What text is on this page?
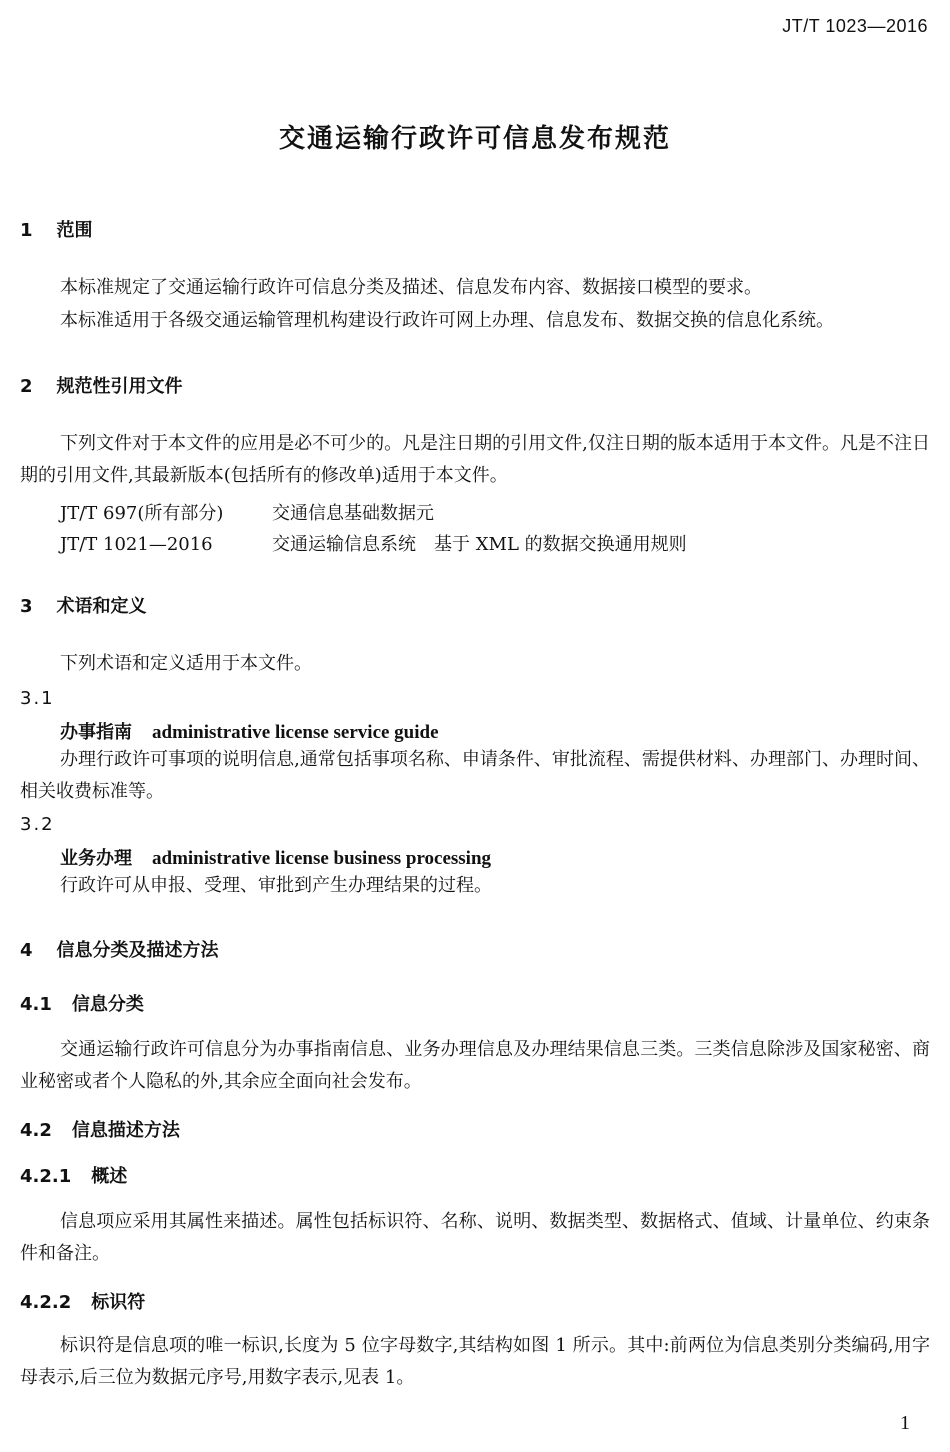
JT/T 1023—2016
交通运输行政许可信息发布规范
1 范围

本标准规定了交通运输行政许可信息分类及描述、信息发布内容、数据接口模型的要求。

本标准适用于各级交通运输管理机构建设行政许可网上办理、信息发布、数据交换的信息化系统。

2 规范性引用文件

下列文件对于本文件的应用是必不可少的。凡是注日期的引用文件,仅注日期的版本适用于本文件。凡是不注日期的引用文件,其最新版本(包括所有的修改单)适用于本文件。

JT/T 697(所有部分)	交通信息基础数据元
JT/T 1021—2016	交通运输信息系统　基于 XML 的数据交换通用规则
3 术语和定义

下列术语和定义适用于本文件。

3.1
办事指南 administrative license service guide

办理行政许可事项的说明信息,通常包括事项名称、申请条件、审批流程、需提供材料、办理部门、办理时间、相关收费标准等。

3.2
业务办理 administrative license business processing

行政许可从申报、受理、审批到产生办理结果的过程。

4 信息分类及描述方法
4.1 信息分类

交通运输行政许可信息分为办事指南信息、业务办理信息及办理结果信息三类。三类信息除涉及国家秘密、商业秘密或者个人隐私的外,其余应全面向社会发布。

4.2 信息描述方法
4.2.1 概述

信息项应采用其属性来描述。属性包括标识符、名称、说明、数据类型、数据格式、值域、计量单位、约束条件和备注。

4.2.2 标识符

标识符是信息项的唯一标识,长度为 5 位字母数字,其结构如图 1 所示。其中:前两位为信息类别分类编码,用字母表示,后三位为数据元序号,用数字表示,见表 1。

1
